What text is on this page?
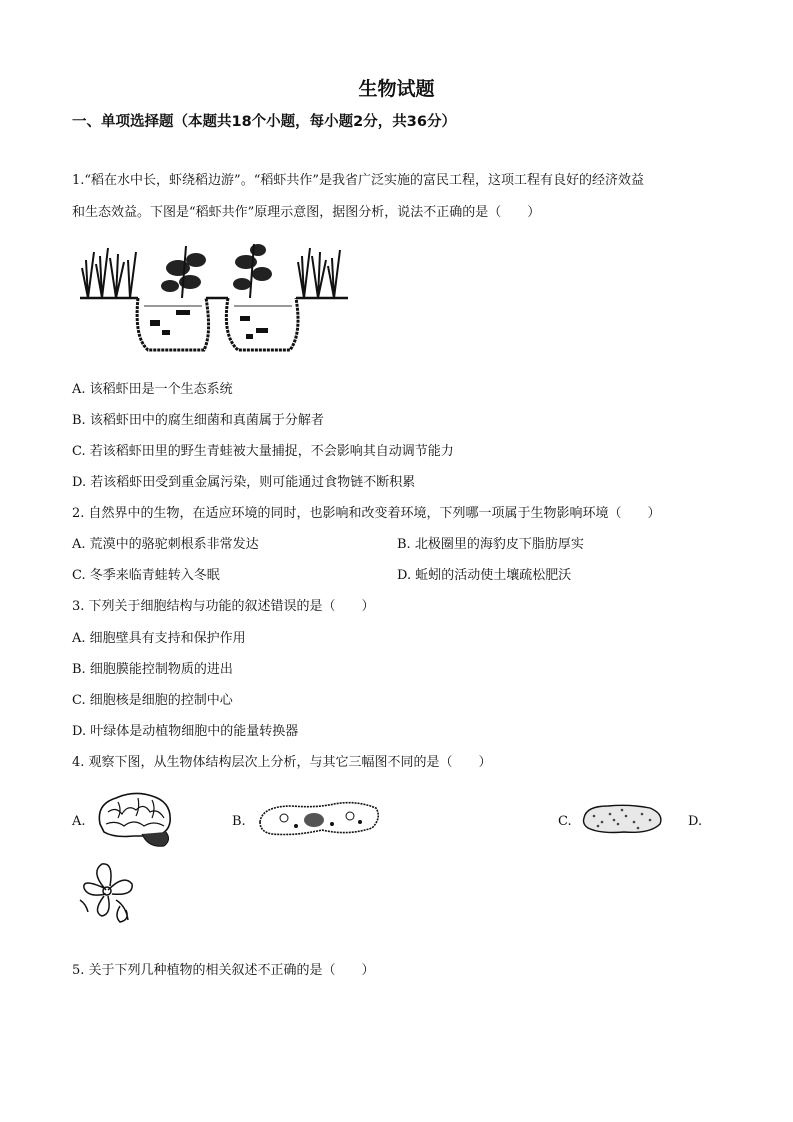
生物试题
一、单项选择题（本题共18个小题，每小题2分，共36分）
1.“稻在水中长，虾绕稻边游”。“稻虾共作”是我省广泛实施的富民工程，这项工程有良好的经济效益
和生态效益。下图是“稻虾共作”原理示意图，据图分析，说法不正确的是（　　）
A. 该稻虾田是一个生态系统
B. 该稻虾田中的腐生细菌和真菌属于分解者
C. 若该稻虾田里的野生青蛙被大量捕捉，不会影响其自动调节能力
D. 若该稻虾田受到重金属污染，则可能通过食物链不断积累
2. 自然界中的生物，在适应环境的同时，也影响和改变着环境，下列哪一项属于生物影响环境（　　）
A. 荒漠中的骆驼刺根系非常发达	B. 北极圈里的海豹皮下脂肪厚实
C. 冬季来临青蛙转入冬眠	D. 蚯蚓的活动使土壤疏松肥沃
3. 下列关于细胞结构与功能的叙述错误的是（　　）
A. 细胞壁具有支持和保护作用
B. 细胞膜能控制物质的进出
C. 细胞核是细胞的控制中心
D. 叶绿体是动植物细胞中的能量转换器
4. 观察下图，从生物体结构层次上分析，与其它三幅图不同的是（　　）
A.	B.	C.	D.
5. 关于下列几种植物的相关叙述不正确的是（　　）
